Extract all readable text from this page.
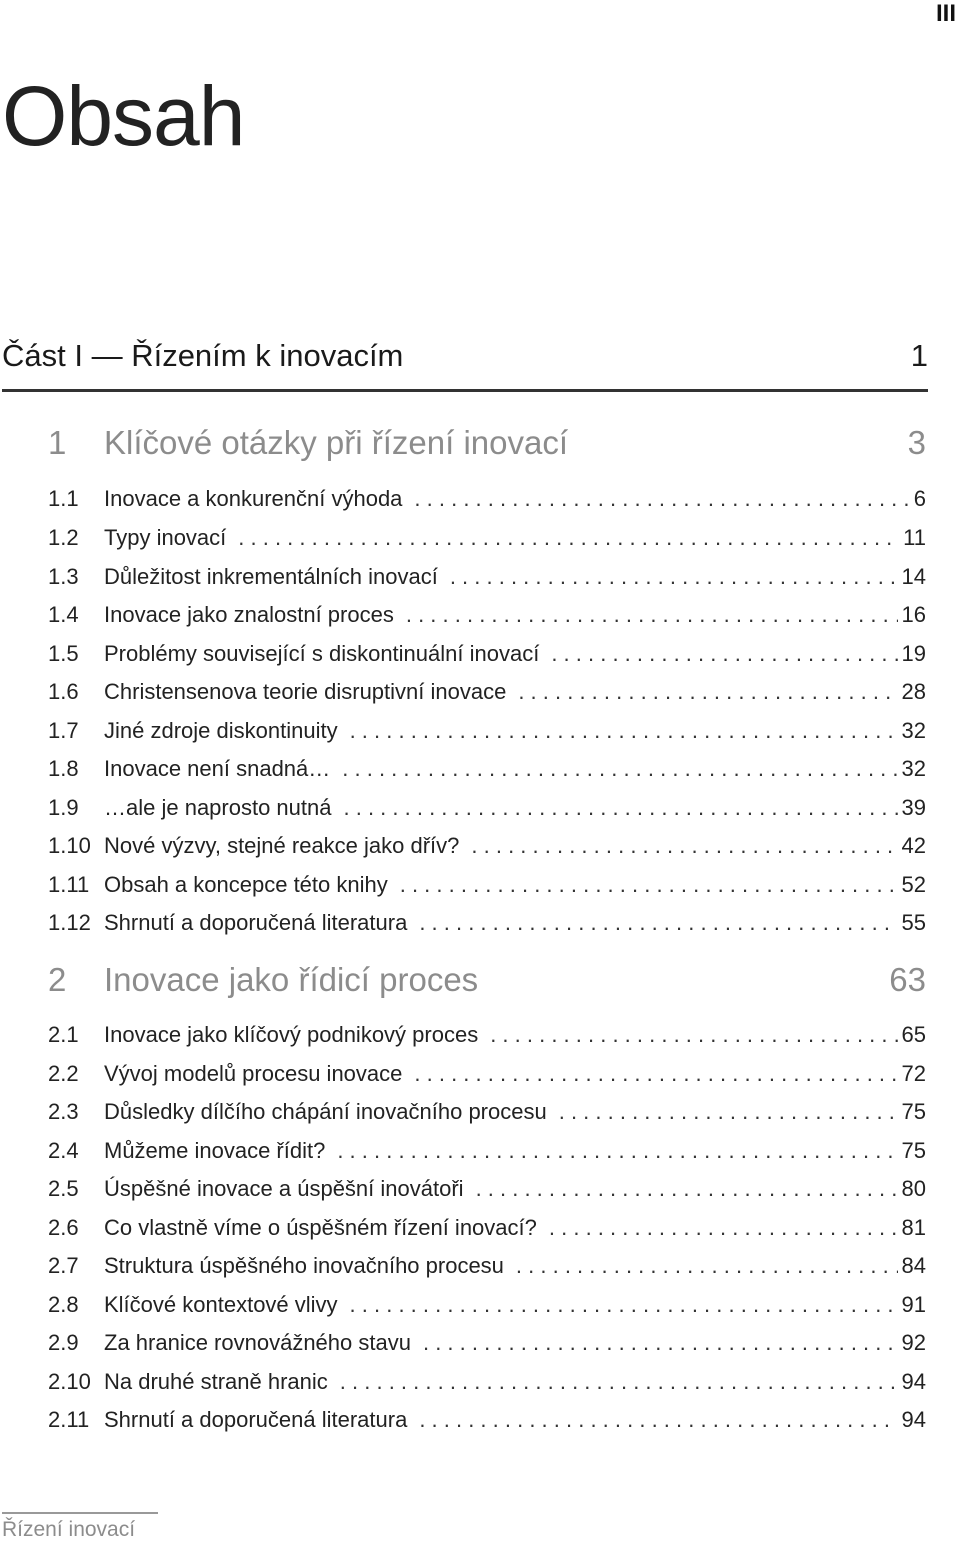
III
Obsah
Část I — Řízením k inovacím	1
1	Klíčové otázky při řízení inovací	3
1.1	Inovace a konkurenční výhoda . . .	6
1.2	Typy inovací . . .	11
1.3	Důležitost inkrementálních inovací . . .	14
1.4	Inovace jako znalostní proces . . .	16
1.5	Problémy související s diskontinuální inovací . . .	19
1.6	Christensenova teorie disruptivní inovace . . .	28
1.7	Jiné zdroje diskontinuity . . .	32
1.8	Inovace není snadná… . . .	32
1.9	…ale je naprosto nutná . . .	39
1.10 Nové výzvy, stejné reakce jako dřív? . . .	42
1.11 Obsah a koncepce této knihy . . .	52
1.12 Shrnutí a doporučená literatura . . .	55
2	Inovace jako řídicí proces	63
2.1	Inovace jako klíčový podnikový proces . . .	65
2.2	Vývoj modelů procesu inovace . . .	72
2.3	Důsledky dílčího chápání inovačního procesu . . .	75
2.4	Můžeme inovace řídit? . . .	75
2.5	Úspěšné inovace a úspěšní inovátoři . . .	80
2.6	Co vlastně víme o úspěšném řízení inovací? . . .	81
2.7	Struktura úspěšného inovačního procesu . . .	84
2.8	Klíčové kontextové vlivy . . .	91
2.9	Za hranice rovnovážného stavu . . .	92
2.10 Na druhé straně hranic . . .	94
2.11 Shrnutí a doporučená literatura . . .	94
Řízení inovací
